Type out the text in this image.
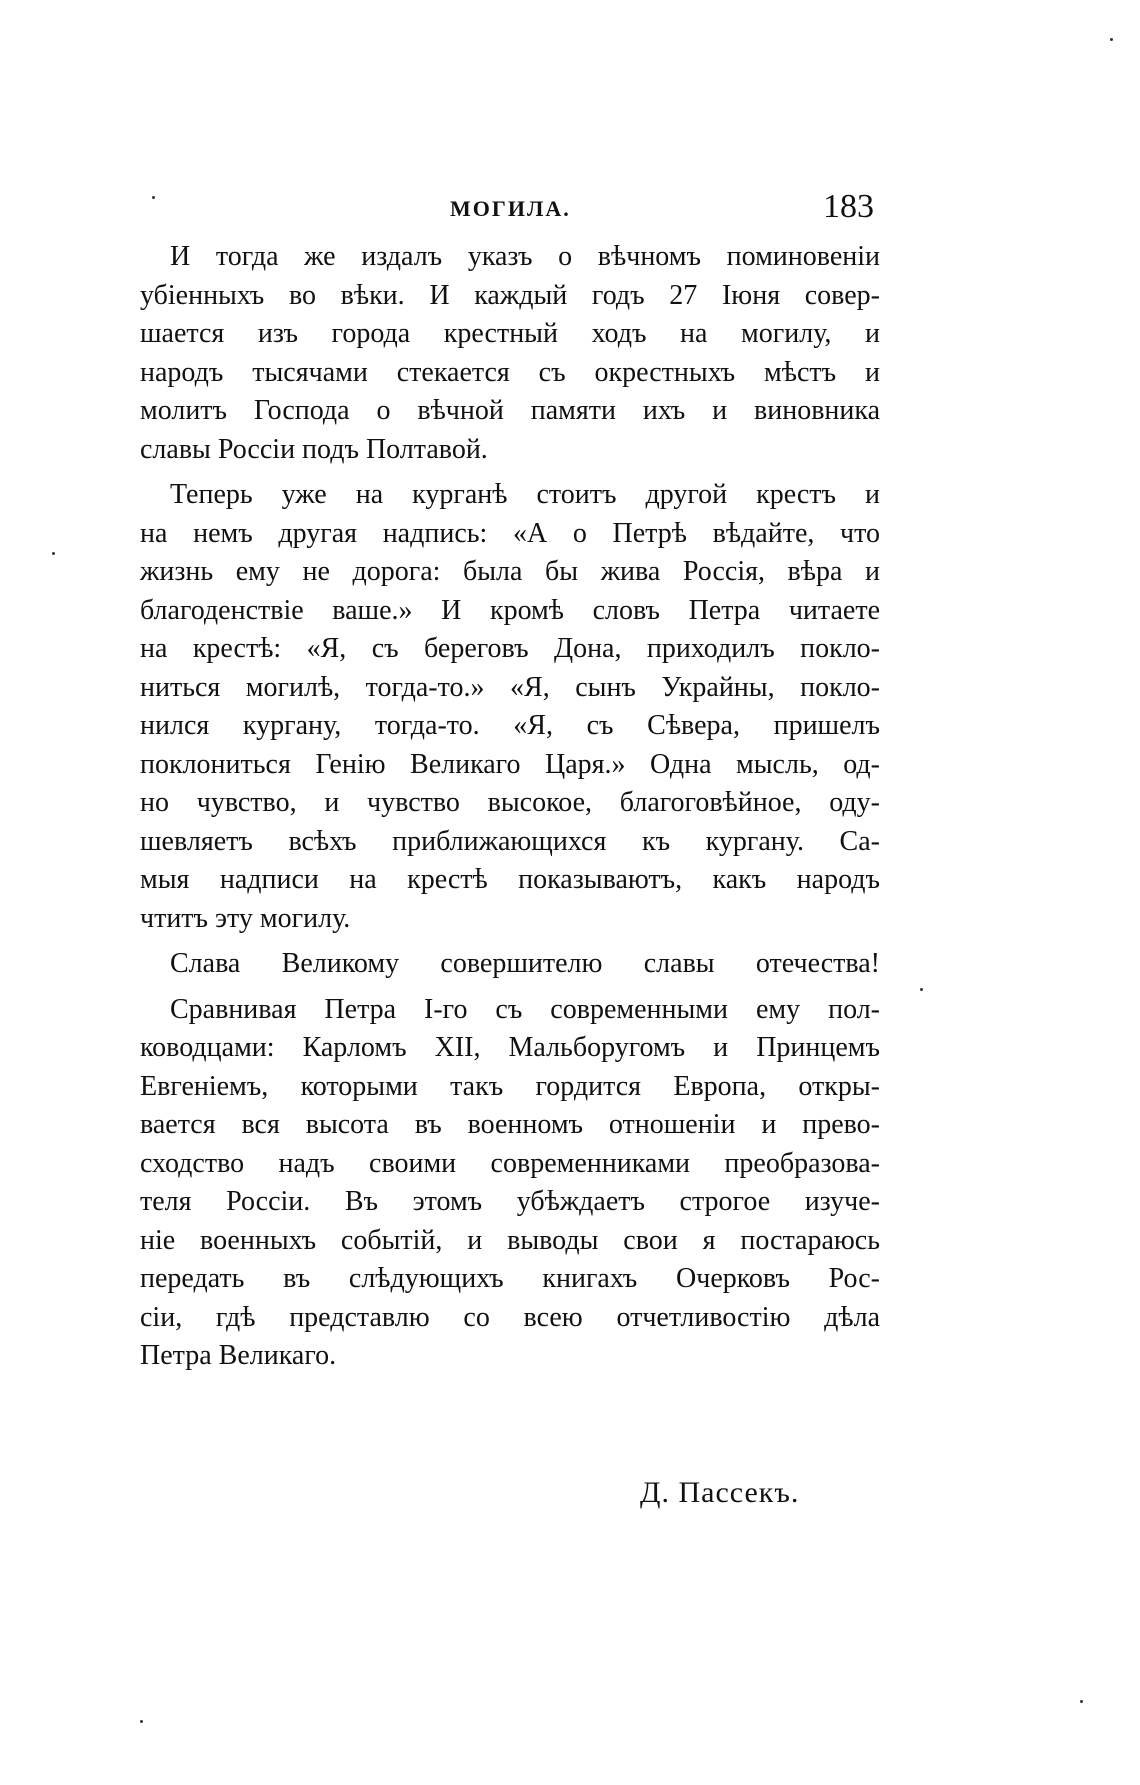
МОГИЛА.	183
И тогда же издалъ указъ о вѣчномъ поминовеніи
убіенныхъ во вѣки. И каждый годъ 27 Іюня совер-
шается изъ города крестный ходъ на могилу, и
народъ тысячами стекается съ окрестныхъ мѣстъ и
молитъ Господа о вѣчной памяти ихъ и виновника
славы Россіи подъ Полтавой.
Теперь уже на курганѣ стоитъ другой крестъ и
на немъ другая надпись: «А о Петрѣ вѣдайте, что
жизнь ему не дорога: была бы жива Россія, вѣра и
благоденствіе ваше.» И кромѣ словъ Петра читаете
на крестѣ: «Я, съ береговъ Дона, приходилъ покло-
ниться могилѣ, тогда-то.» «Я, сынъ Украйны, покло-
нился кургану, тогда-то. «Я, съ Сѣвера, пришелъ
поклониться Генію Великаго Царя.» Одна мысль, од-
но чувство, и чувство высокое, благоговѣйное, оду-
шевляетъ всѣхъ приближающихся къ кургану. Са-
мыя надписи на крестѣ показываютъ, какъ народъ
чтитъ эту могилу.
Слава Великому совершителю славы отечества!
Сравнивая Петра I-го съ современными ему пол-
ководцами: Карломъ XII, Мальборугомъ и Принцемъ
Евгеніемъ, которыми такъ гордится Европа, откры-
вается вся высота въ военномъ отношеніи и прево-
сходство надъ своими современниками преобразова-
теля Россіи. Въ этомъ убѣждаетъ строгое изуче-
ніе военныхъ событій, и выводы свои я постараюсь
передать въ слѣдующихъ книгахъ Очерковъ Рос-
сіи, гдѣ представлю со всею отчетливостію дѣла
Петра Великаго.
Д. Пассекъ.
